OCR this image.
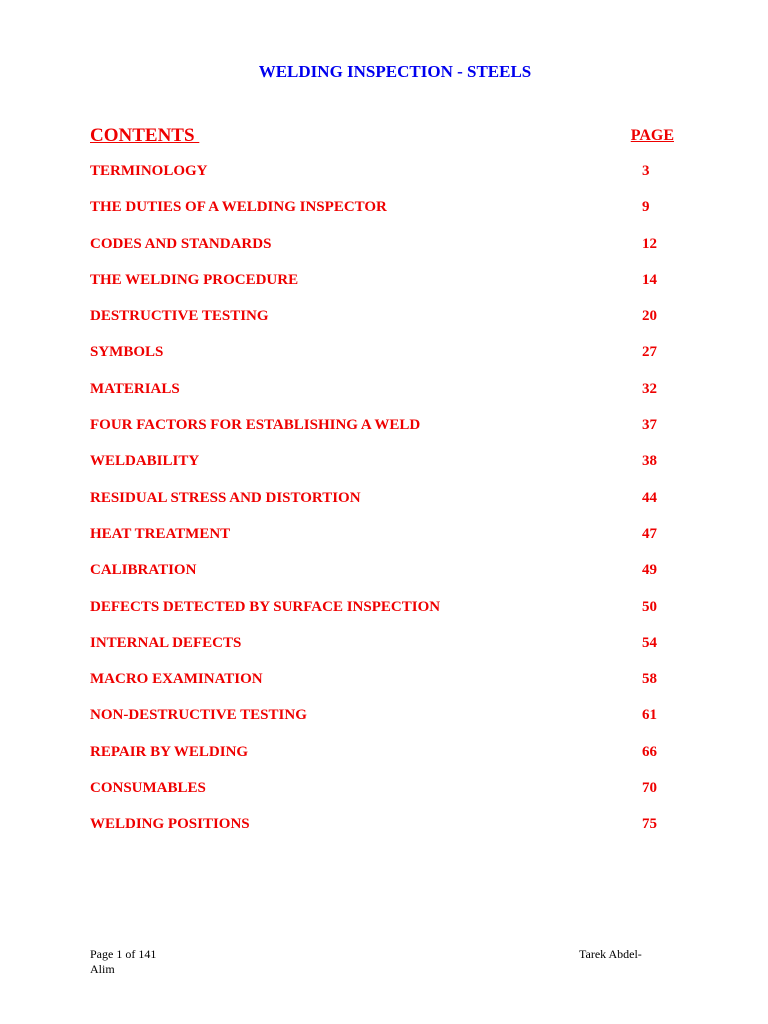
WELDING INSPECTION - STEELS
CONTENTS	PAGE
TERMINOLOGY	3
THE DUTIES OF A WELDING INSPECTOR	9
CODES AND STANDARDS	12
THE WELDING PROCEDURE	14
DESTRUCTIVE TESTING	20
SYMBOLS	27
MATERIALS	32
FOUR FACTORS FOR ESTABLISHING A WELD	37
WELDABILITY	38
RESIDUAL STRESS AND DISTORTION	44
HEAT TREATMENT	47
CALIBRATION	49
DEFECTS DETECTED BY SURFACE INSPECTION	50
INTERNAL DEFECTS	54
MACRO EXAMINATION	58
NON-DESTRUCTIVE TESTING	61
REPAIR BY WELDING	66
CONSUMABLES	70
WELDING POSITIONS	75
Page 1 of 141
Alim
Tarek Abdel-
